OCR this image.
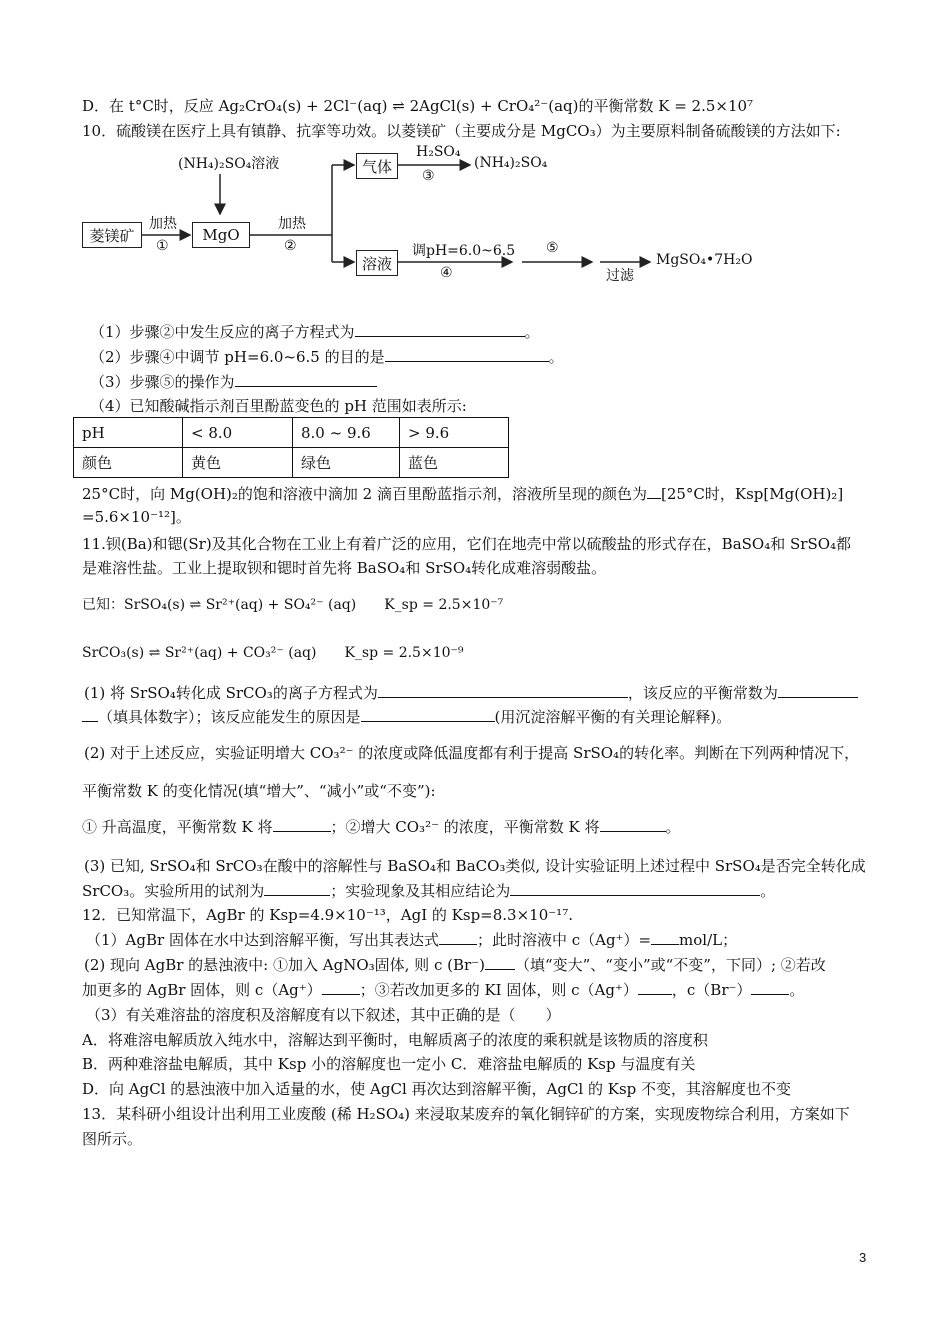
D．在 t°C时，反应 Ag₂CrO₄(s) + 2Cl⁻(aq) ⇌ 2AgCl(s) + CrO₄²⁻(aq)的平衡常数 K = 2.5×10⁷
10．硫酸镁在医疗上具有镇静、抗挛等功效。以菱镁矿（主要成分是 MgCO₃）为主要原料制备硫酸镁的方法如下:
菱镁矿
加热
①
MgO
(NH₄)₂SO₄溶液
加热
②
气体
H₂SO₄
③
(NH₄)₂SO₄
溶液
调pH=6.0~6.5
④
⑤
过滤
MgSO₄•7H₂O
（1）步骤②中发生反应的离子方程式为	。
（2）步骤④中调节 pH=6.0~6.5 的目的是	。
（3）步骤⑤的操作为
（4）已知酸碱指示剂百里酚蓝变色的 pH 范围如表所示:
pH	< 8.0	8.0 ~ 9.6	> 9.6
颜色	黄色	绿色	蓝色
25°C时，向 Mg(OH)₂的饱和溶液中滴加 2 滴百里酚蓝指示剂，溶液所呈现的颜色为 [25°C时，Ksp[Mg(OH)₂]
=5.6×10⁻¹²]。
11.钡(Ba)和锶(Sr)及其化合物在工业上有着广泛的应用，它们在地壳中常以硫酸盐的形式存在，BaSO₄和 SrSO₄都
是难溶性盐。工业上提取钡和锶时首先将 BaSO₄和 SrSO₄转化成难溶弱酸盐。
已知：SrSO₄(s) ⇌ Sr²⁺(aq) + SO₄²⁻ (aq)　　K_sp = 2.5×10⁻⁷
SrCO₃(s) ⇌ Sr²⁺(aq) + CO₃²⁻ (aq)　　K_sp = 2.5×10⁻⁹
(1) 将 SrSO₄转化成 SrCO₃的离子方程式为	，该反应的平衡常数为
（填具体数字）；该反应能发生的原因是	(用沉淀溶解平衡的有关理论解释)。
(2) 对于上述反应，实验证明增大 CO₃²⁻ 的浓度或降低温度都有利于提高 SrSO₄的转化率。判断在下列两种情况下，
平衡常数 K 的变化情况(填“增大”、“减小”或“不变”):
① 升高温度，平衡常数 K 将	；②增大 CO₃²⁻ 的浓度，平衡常数 K 将	。
(3) 已知, SrSO₄和 SrCO₃在酸中的溶解性与 BaSO₄和 BaCO₃类似, 设计实验证明上述过程中 SrSO₄是否完全转化成
SrCO₃。实验所用的试剂为	；实验现象及其相应结论为	。
12．已知常温下，AgBr 的 Ksp=4.9×10⁻¹³，AgI 的 Ksp=8.3×10⁻¹⁷.
（1）AgBr 固体在水中达到溶解平衡，写出其表达式	；此时溶液中 c（Ag⁺）= mol/L；
(2) 现向 AgBr 的悬浊液中: ①加入 AgNO₃固体, 则 c (Br⁻) （填“变大”、“变小”或“不变”，下同）; ②若改
加更多的 AgBr 固体，则 c（Ag⁺）	；③若改加更多的 KI 固体，则 c（Ag⁺） ，c（Br⁻）	。
（3）有关难溶盐的溶度积及溶解度有以下叙述，其中正确的是（　　）
A．将难溶电解质放入纯水中，溶解达到平衡时，电解质离子的浓度的乘积就是该物质的溶度积
B．两种难溶盐电解质，其中 Ksp 小的溶解度也一定小 C．难溶盐电解质的 Ksp 与温度有关
D．向 AgCl 的悬浊液中加入适量的水，使 AgCl 再次达到溶解平衡，AgCl 的 Ksp 不变，其溶解度也不变
13．某科研小组设计出利用工业废酸 (稀 H₂SO₄) 来浸取某废弃的氧化铜锌矿的方案，实现废物综合利用，方案如下
图所示。
3
